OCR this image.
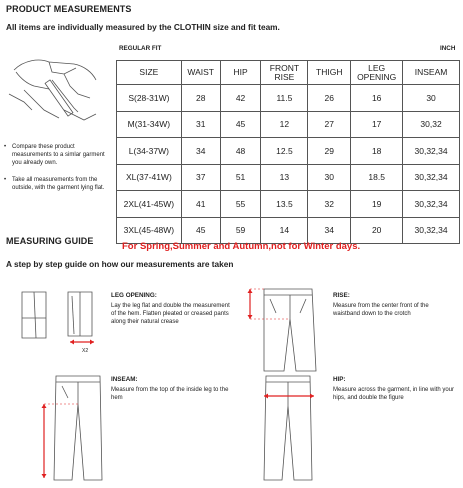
PRODUCT MEASUREMENTS
All items are individually measured by the CLOTHIN size and fit team.
REGULAR FIT	INCH
SIZE	WAIST	HIP	FRONT RISE	THIGH	LEG OPENING	INSEAM
S(28-31W)	28	42	11.5	26	16	30
M(31-34W)	31	45	12	27	17	30,32
L(34-37W)	34	48	12.5	29	18	30,32,34
XL(37-41W)	37	51	13	30	18.5	30,32,34
2XL(41-45W)	41	55	13.5	32	19	30,32,34
3XL(45-48W)	45	59	14	34	20	30,32,34
• Compare these product measurements to a simlar garment you already own.
• Take all measurements from the outside, with the garment lying flat.
For Spring,Summer and Autumn,not for Winter days.
MEASURING GUIDE
A step by step guide on how our measurements are taken
X2
LEG OPENING:
Lay the leg flat and double the measurement of the hem. Flatten pleated or creased pants along their natural crease
RISE:
Measure from the center front of the waistband down to the crotch
INSEAM:
Measure from the top of the inside leg to the hem
HIP:
Measure across the garment, in line with your hips, and double the figure
